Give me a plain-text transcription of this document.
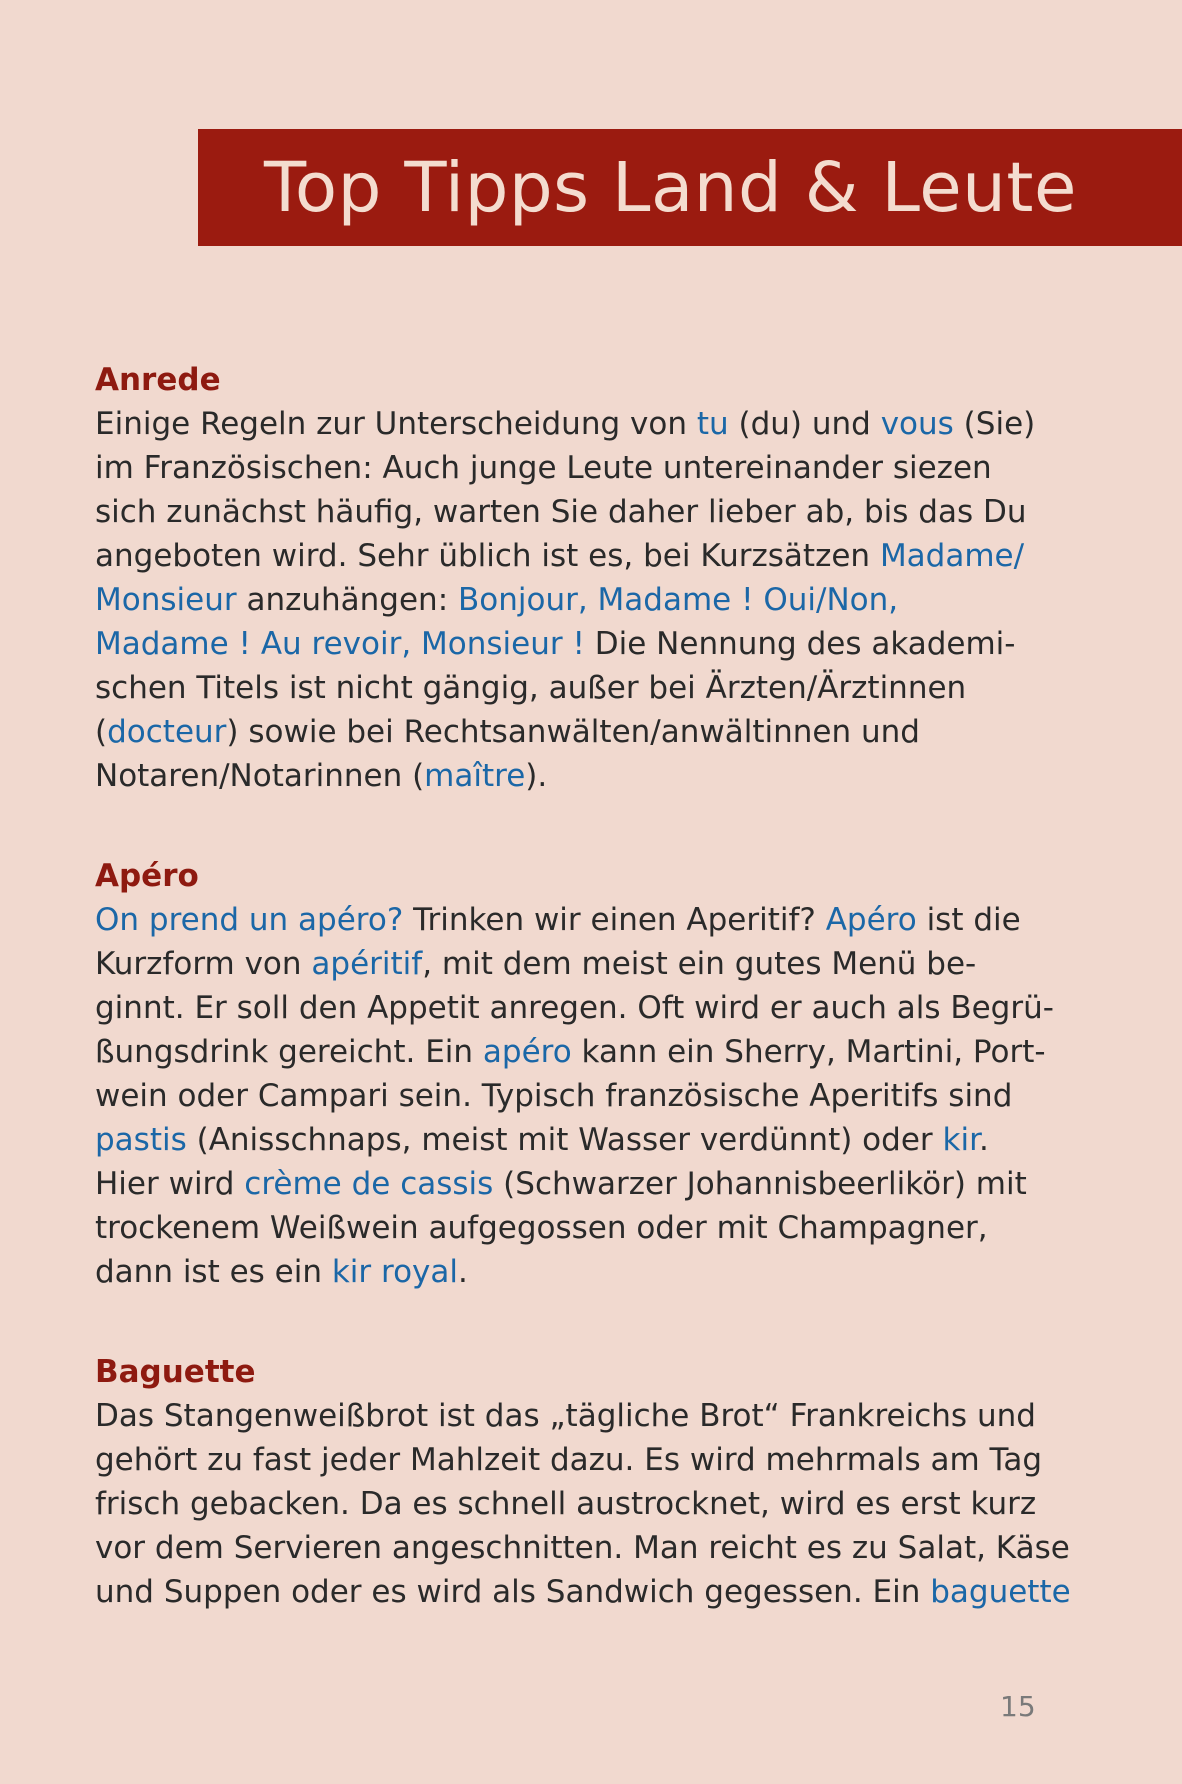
Top Tipps Land & Leute
Anrede
Einige Regeln zur Unterscheidung von tu (du) und vous (Sie)
im Französischen: Auch junge Leute untereinander siezen
sich zunächst häufig, warten Sie daher lieber ab, bis das Du
angeboten wird. Sehr üblich ist es, bei Kurzsätzen Madame/
Monsieur anzuhängen: Bonjour, Madame ! Oui/Non,
Madame ! Au revoir, Monsieur ! Die Nennung des akademi-
schen Titels ist nicht gängig, außer bei Ärzten/Ärztinnen
(docteur) sowie bei Rechtsanwälten/anwältinnen und
Notaren/Notarinnen (maître).
Apéro
On prend un apéro? Trinken wir einen Aperitif? Apéro ist die
Kurzform von apéritif, mit dem meist ein gutes Menü be-
ginnt. Er soll den Appetit anregen. Oft wird er auch als Begrü-
ßungsdrink gereicht. Ein apéro kann ein Sherry, Martini, Port-
wein oder Campari sein. Typisch französische Aperitifs sind
pastis (Anisschnaps, meist mit Wasser verdünnt) oder kir.
Hier wird crème de cassis (Schwarzer Johannisbeerlikör) mit
trockenem Weißwein aufgegossen oder mit Champagner,
dann ist es ein kir royal.
Baguette
Das Stangenweißbrot ist das „tägliche Brot“ Frankreichs und
gehört zu fast jeder Mahlzeit dazu. Es wird mehrmals am Tag
frisch gebacken. Da es schnell austrocknet, wird es erst kurz
vor dem Servieren angeschnitten. Man reicht es zu Salat, Käse
und Suppen oder es wird als Sandwich gegessen. Ein baguette
15
